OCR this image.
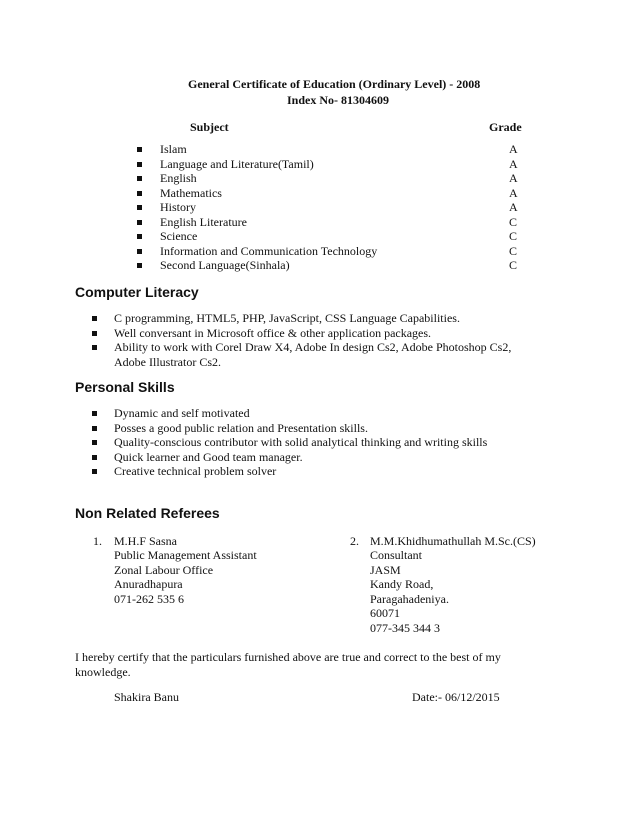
General Certificate of Education (Ordinary Level) - 2008
Index No- 81304609
Subject	Grade
Islam	A
Language and Literature(Tamil)	A
English	A
Mathematics	A
History	A
English Literature	C
Science	C
Information and Communication Technology	C
Second Language(Sinhala)	C
Computer Literacy
C programming, HTML5, PHP, JavaScript, CSS Language Capabilities.
Well conversant in Microsoft office & other application packages.
Ability to work with Corel Draw X4, Adobe In design Cs2, Adobe Photoshop Cs2,
Adobe Illustrator Cs2.
Personal Skills
Dynamic and self motivated
Posses a good public relation and Presentation skills.
Quality-conscious contributor with solid analytical thinking and writing skills
Quick learner and Good team manager.
Creative technical problem solver
Non Related Referees
1. M.H.F Sasna
Public Management Assistant
Zonal Labour Office
Anuradhapura
071-262 535 6
2. M.M.Khidhumathullah M.Sc.(CS)
Consultant
JASM
Kandy Road,
Paragahadeniya.
60071
077-345 344 3
I hereby certify that the particulars furnished above are true and correct to the best of my
knowledge.
Shakira Banu	Date:- 06/12/2015
